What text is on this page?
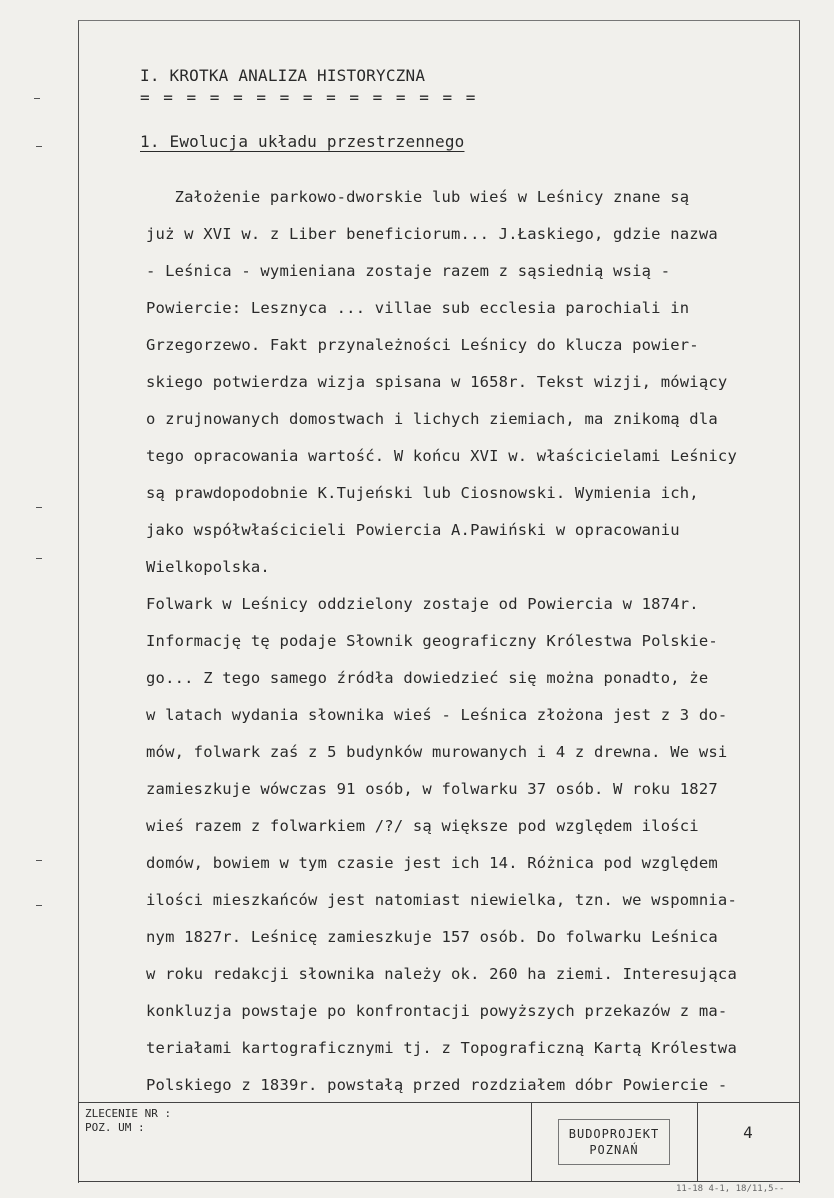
I. KROTKA ANALIZA HISTORYCZNA
= = = = = = = = = = = = = = =
1. Ewolucja układu przestrzennego
Założenie parkowo-dworskie lub wieś w Leśnicy znane są
już w XVI w. z Liber beneficiorum... J.Łaskiego, gdzie nazwa
- Leśnica - wymieniana zostaje razem z sąsiednią wsią -
Powiercie: Lesznyca ... villae sub ecclesia parochiali in
Grzegorzewo. Fakt przynależności Leśnicy do klucza powier-
skiego potwierdza wizja spisana w 1658r. Tekst wizji, mówiący
o zrujnowanych domostwach i lichych ziemiach, ma znikomą dla
tego opracowania wartość. W końcu XVI w. właścicielami Leśnicy
są prawdopodobnie K.Tujeński lub Ciosnowski. Wymienia ich,
jako współwłaścicieli Powiercia A.Pawiński w opracowaniu
Wielkopolska.
Folwark w Leśnicy oddzielony zostaje od Powiercia w 1874r.
Informację tę podaje Słownik geograficzny Królestwa Polskie-
go... Z tego samego źródła dowiedzieć się można ponadto, że
w latach wydania słownika wieś - Leśnica złożona jest z 3 do-
mów, folwark zaś z 5 budynków murowanych i 4 z drewna. We wsi
zamieszkuje wówczas 91 osób, w folwarku 37 osób. W roku 1827
wieś razem z folwarkiem /?/ są większe pod względem ilości
domów, bowiem w tym czasie jest ich 14. Różnica pod względem
ilości mieszkańców jest natomiast niewielka, tzn. we wspomnia-
nym 1827r. Leśnicę zamieszkuje 157 osób. Do folwarku Leśnica
w roku redakcji słownika należy ok. 260 ha ziemi. Interesująca
konkluzja powstaje po konfrontacji powyższych przekazów z ma-
teriałami kartograficznymi tj. z Topograficzną Kartą Królestwa
Polskiego z 1839r. powstałą przed rozdziałem dóbr Powiercie -
ZLECENIE NR :
POZ. UM :	BUDOPROJEKT
POZNAŃ
4
11-18 4-1, 18/11,5--
